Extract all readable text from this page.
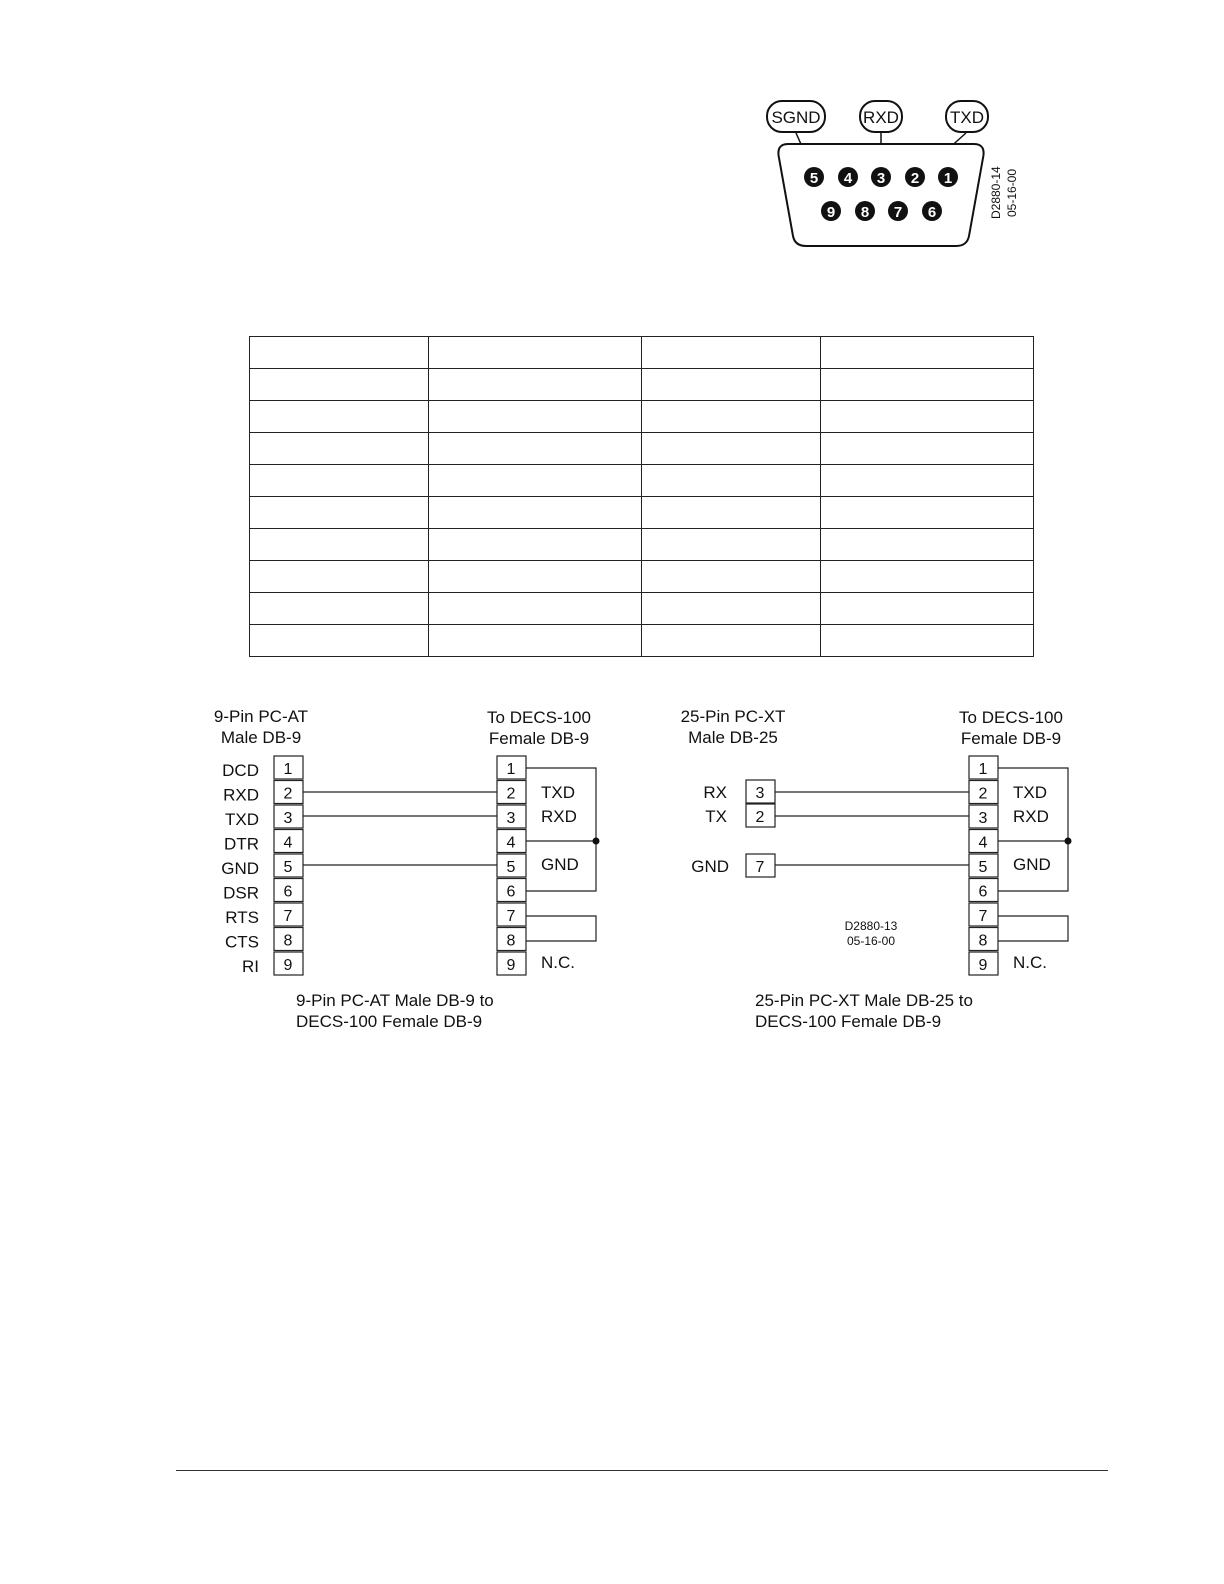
SGND RXD	TXD
5 4 3 2 1
9 8 7 6	D2880-14 05-16-00

9-Pin PC-AT
Male DB-9
To DECS-100
Female DB-9
1
DCD
2
RXD
3
TXD
4
DTR
5
GND
6
DSR
7
RTS
8
CTS
9
RI
1
2
3
4
5
6
7
8
9
TXD
RXD
GND
N.C.
9-Pin PC-AT Male DB-9 to
DECS-100 Female DB-9
25-Pin PC-XT
Male DB-25
To DECS-100
Female DB-9
RX 3
TX 2
GND 7
1
2
3
4
5
6
7
8
9
TXD
RXD
GND
N.C.
D2880-13
05-16-00
25-Pin PC-XT Male DB-25 to
DECS-100 Female DB-9
